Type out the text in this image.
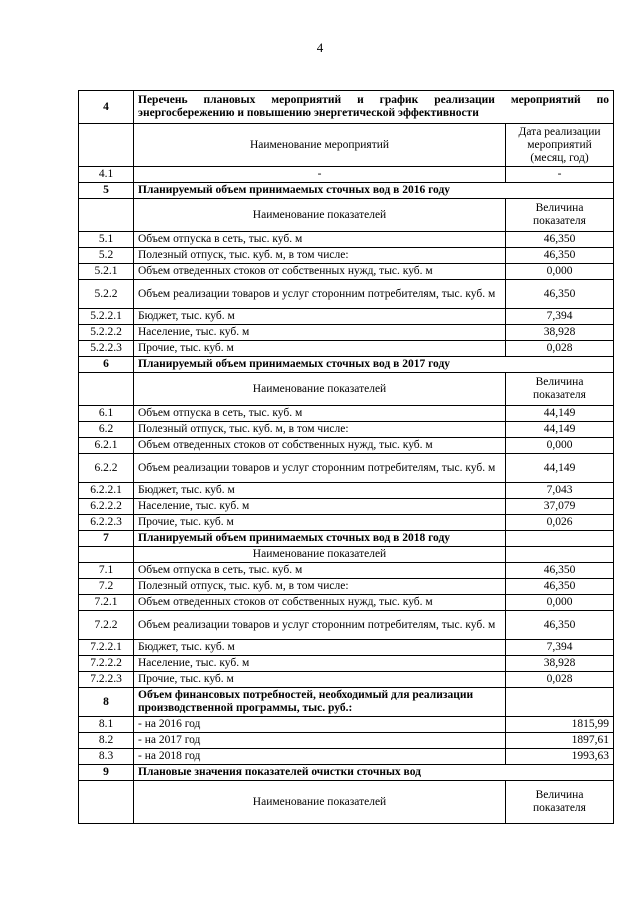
4
4	Перечень плановых мероприятий и график реализации мероприятий по энергосбережению и повышению энергетической эффективности	
	Наименование мероприятий	Дата реализации мероприятий (месяц, год)
4.1	-	-
5	Планируемый объем принимаемых сточных вод в 2016 году	
	Наименование показателей	Величина показателя
5.1	Объем отпуска в сеть, тыс. куб. м	46,350
5.2	Полезный отпуск, тыс. куб. м, в том числе:	46,350
5.2.1	Объем отведенных стоков от собственных нужд, тыс. куб. м	0,000
5.2.2	Объем реализации товаров и услуг сторонним потребителям, тыс. куб. м	46,350
5.2.2.1	Бюджет, тыс. куб. м	7,394
5.2.2.2	Население, тыс. куб. м	38,928
5.2.2.3	Прочие, тыс. куб. м	0,028
6	Планируемый объем принимаемых сточных вод в 2017 году	
	Наименование показателей	Величина показателя
6.1	Объем отпуска в сеть, тыс. куб. м	44,149
6.2	Полезный отпуск, тыс. куб. м, в том числе:	44,149
6.2.1	Объем отведенных стоков от собственных нужд, тыс. куб. м	0,000
6.2.2	Объем реализации товаров и услуг сторонним потребителям, тыс. куб. м	44,149
6.2.2.1	Бюджет, тыс. куб. м	7,043
6.2.2.2	Население, тыс. куб. м	37,079
6.2.2.3	Прочие, тыс. куб. м	0,026
7	Планируемый объем принимаемых сточных вод в 2018 году	
	Наименование показателей	
7.1	Объем отпуска в сеть, тыс. куб. м	46,350
7.2	Полезный отпуск, тыс. куб. м, в том числе:	46,350
7.2.1	Объем отведенных стоков от собственных нужд, тыс. куб. м	0,000
7.2.2	Объем реализации товаров и услуг сторонним потребителям, тыс. куб. м	46,350
7.2.2.1	Бюджет, тыс. куб. м	7,394
7.2.2.2	Население, тыс. куб. м	38,928
7.2.2.3	Прочие, тыс. куб. м	0,028
8	Объем финансовых потребностей, необходимый для реализации производственной программы, тыс. руб.:	
8.1	- на 2016 год	1815,99
8.2	- на 2017 год	1897,61
8.3	- на 2018 год	1993,63
9	Плановые значения показателей очистки сточных вод	
	Наименование показателей	Величина показателя
